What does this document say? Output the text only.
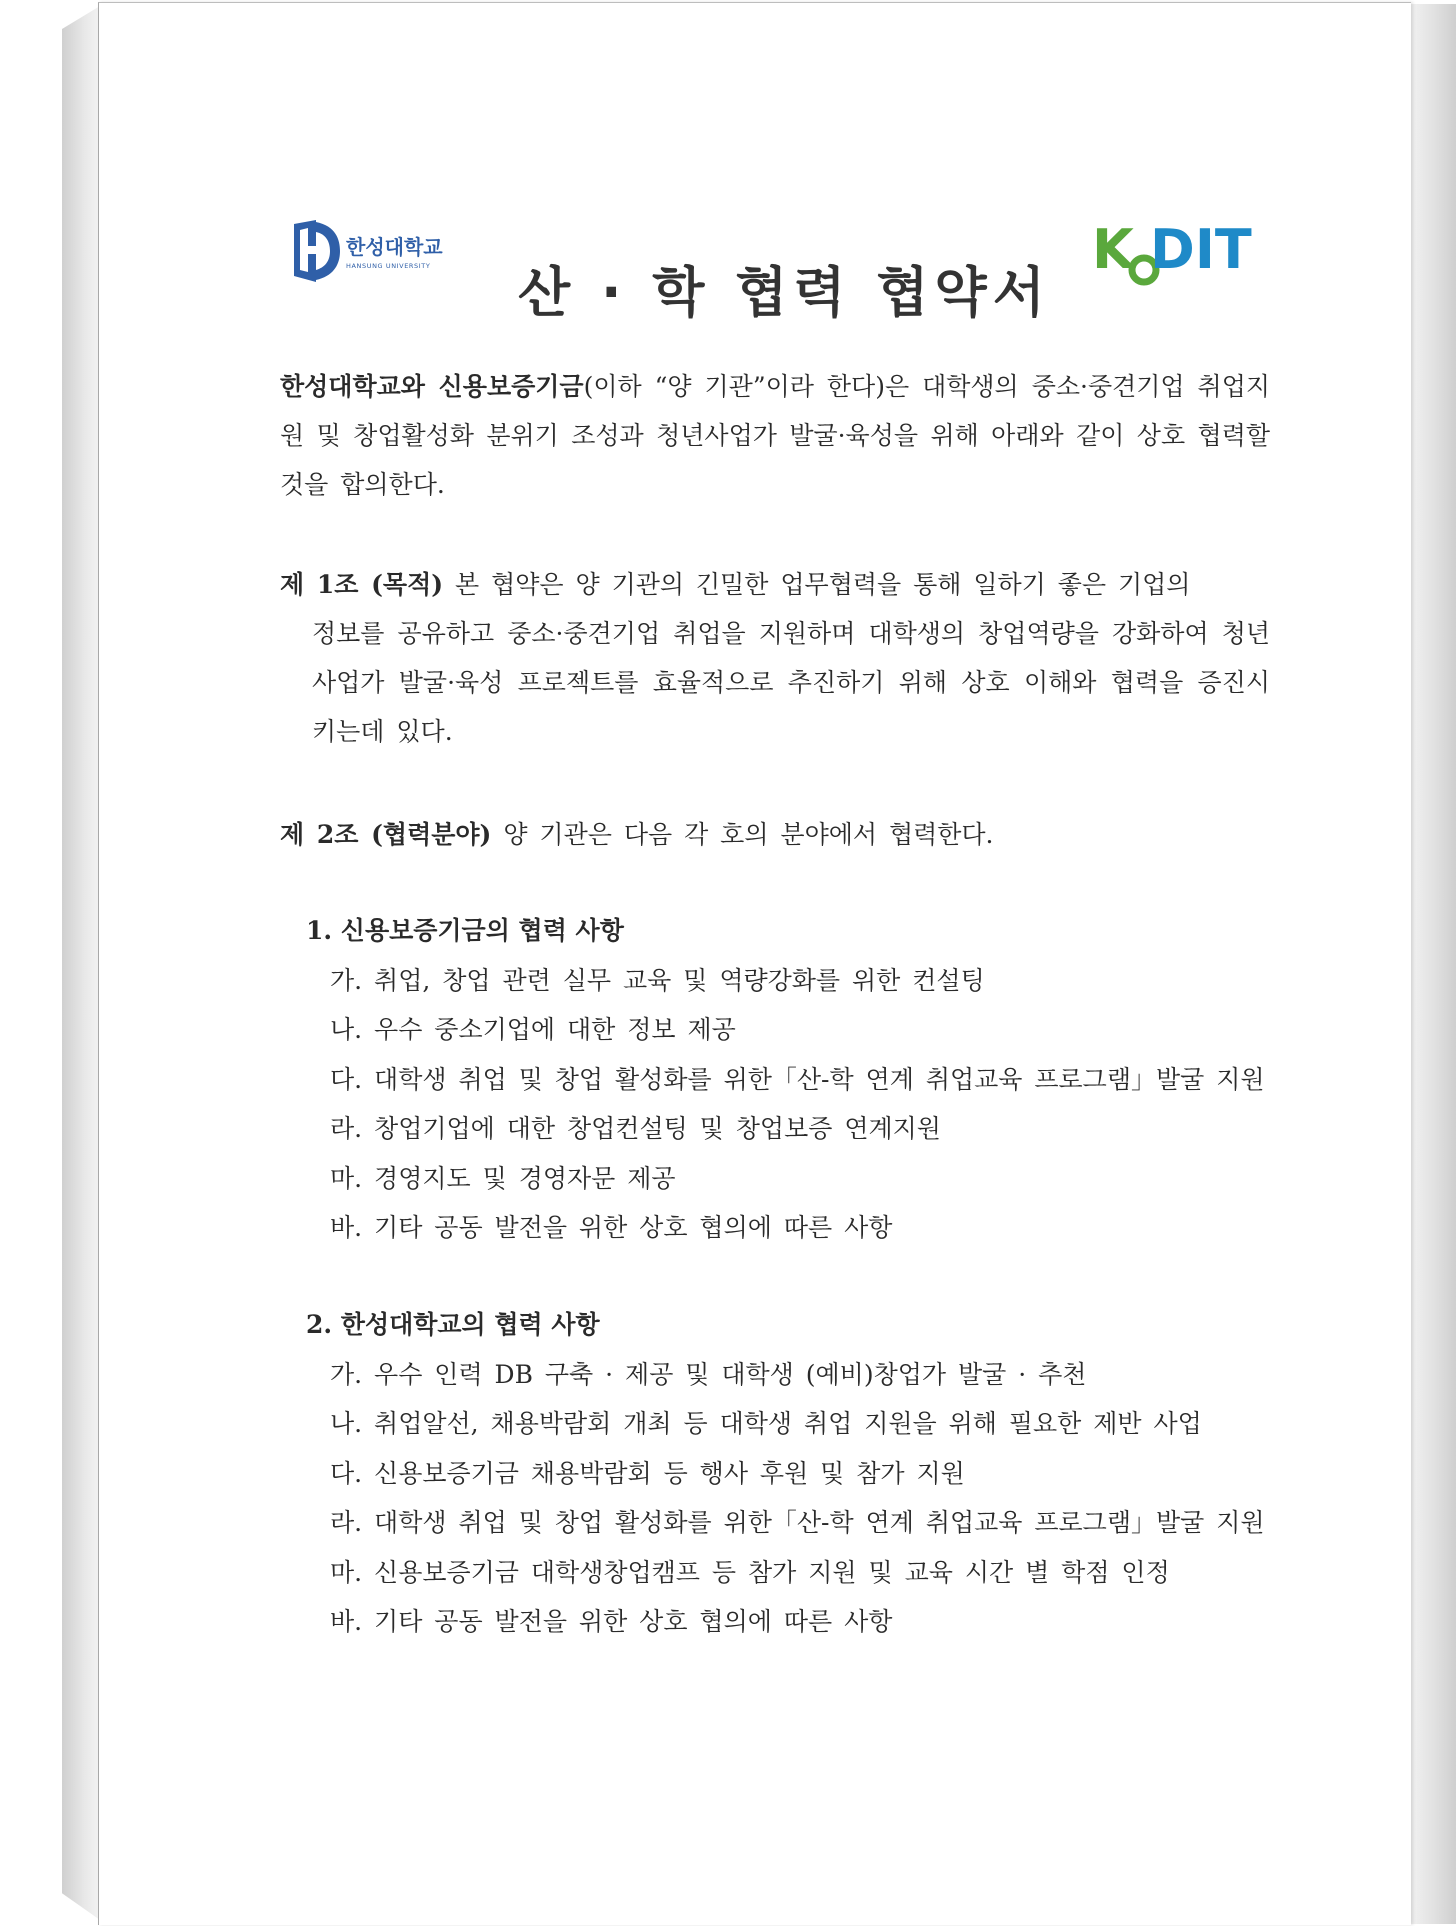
한성대학교
HANSUNG UNIVERSITY 산 · 학 협력 협약서
K DIT
KODIT

한성대학교와 신용보증기금(이하 “양 기관”이라 한다)은 대학생의 중소·중견기업 취업지원 및 창업활성화 분위기 조성과 청년사업가 발굴·육성을 위해 아래와 같이 상호 협력할 것을 합의한다.

제 1조 (목적) 본 협약은 양 기관의 긴밀한 업무협력을 통해 일하기 좋은 기업의
정보를 공유하고 중소·중견기업 취업을 지원하며 대학생의 창업역량을 강화하여 청년사업가 발굴·육성 프로젝트를 효율적으로 추진하기 위해 상호 이해와 협력을 증진시키는데 있다.

제 2조 (협력분야) 양 기관은 다음 각 호의 분야에서 협력한다.

1. 신용보증기금의 협력 사항

가. 취업, 창업 관련 실무 교육 및 역량강화를 위한 컨설팅
나. 우수 중소기업에 대한 정보 제공
다. 대학생 취업 및 창업 활성화를 위한「산-학 연계 취업교육 프로그램」발굴 지원
라. 창업기업에 대한 창업컨설팅 및 창업보증 연계지원
마. 경영지도 및 경영자문 제공
바. 기타 공동 발전을 위한 상호 협의에 따른 사항

2. 한성대학교의 협력 사항

가. 우수 인력 DB 구축 · 제공 및 대학생 (예비)창업가 발굴 · 추천
나. 취업알선, 채용박람회 개최 등 대학생 취업 지원을 위해 필요한 제반 사업
다. 신용보증기금 채용박람회 등 행사 후원 및 참가 지원
라. 대학생 취업 및 창업 활성화를 위한「산-학 연계 취업교육 프로그램」발굴 지원
마. 신용보증기금 대학생창업캠프 등 참가 지원 및 교육 시간 별 학점 인정
바. 기타 공동 발전을 위한 상호 협의에 따른 사항
